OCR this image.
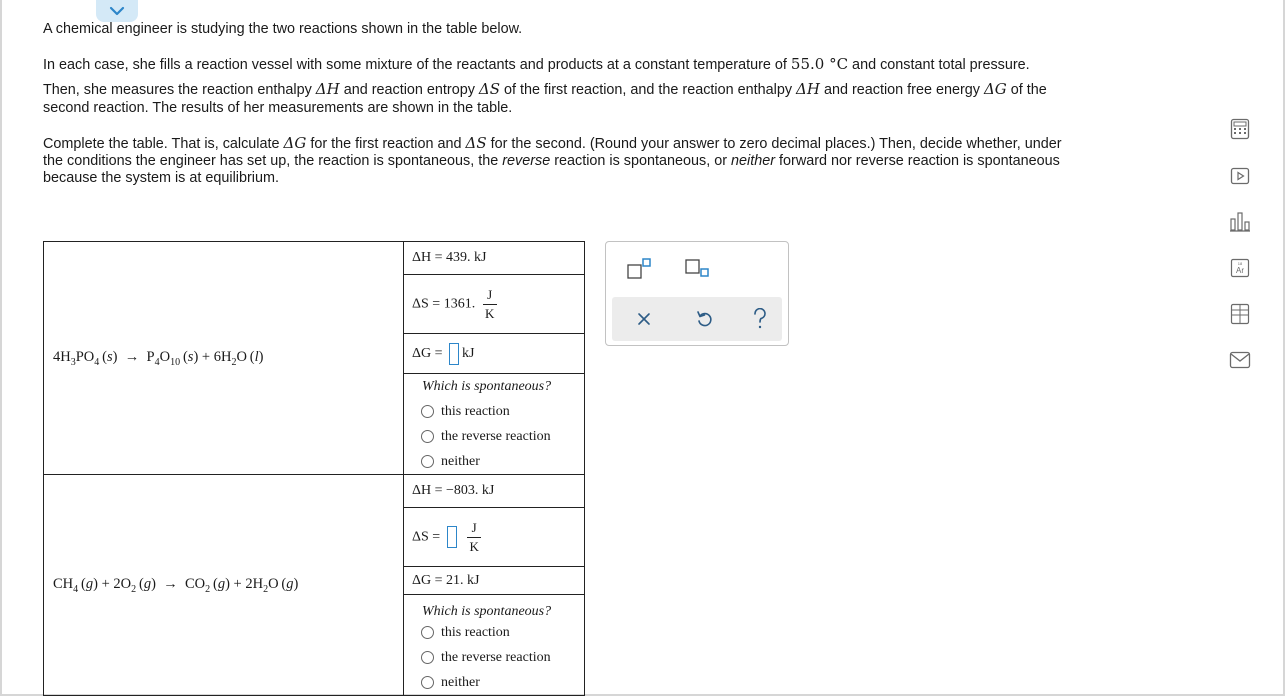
A chemical engineer is studying the two reactions shown in the table below.
In each case, she fills a reaction vessel with some mixture of the reactants and products at a constant temperature of 55.0 °C and constant total pressure.
Then, she measures the reaction enthalpy ΔH and reaction entropy ΔS of the first reaction, and the reaction enthalpy ΔH and reaction free energy ΔG of the
second reaction. The results of her measurements are shown in the table.
Complete the table. That is, calculate ΔG for the first reaction and ΔS for the second. (Round your answer to zero decimal places.) Then, decide whether, under
the conditions the engineer has set up, the reaction is spontaneous, the reverse reaction is spontaneous, or neither forward nor reverse reaction is spontaneous
because the system is at equilibrium.
$4H_3PO_4$ $(s) \to P_4O_{10}$ $(s) + 6H_2O$ (l)	ΔH = 439. kJ
	ΔS = 1361. $\frac{J}{K}$

	ΔG = kJ

	Which is spontaneous?
this reaction
the reverse reaction
neither

$CH_4$ $(g) + 2O_2$ $(g) \to CO_2$ $(g) + 2H_2O$ (g)	ΔH = −803. kJ
	$\Delta S = \frac{J}{K}$

	ΔG = 21. kJ

	Which is spontaneous?
this reaction
the reverse reaction
neither
Ar
18
